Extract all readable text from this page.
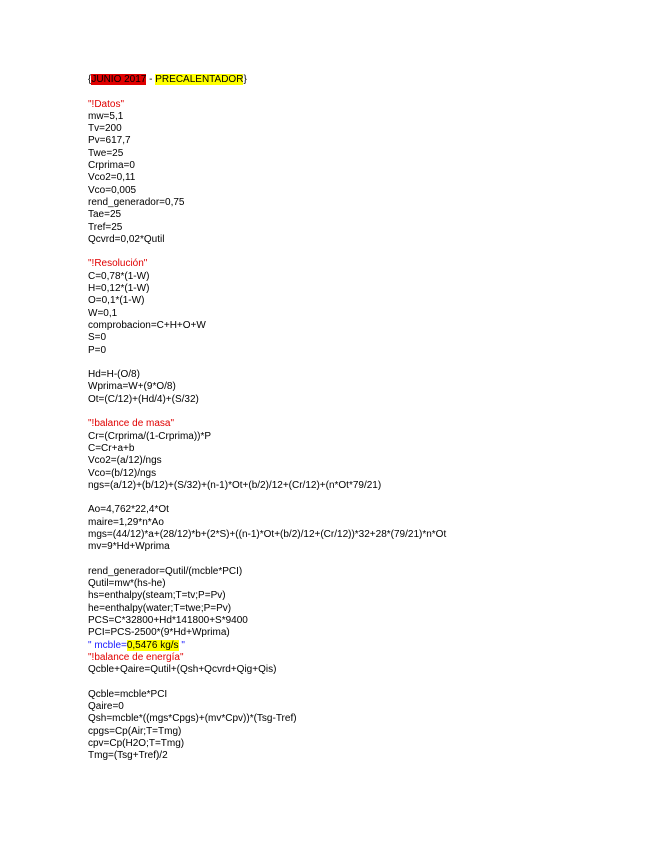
{JUNIO 2017 - PRECALENTADOR}
"!Datos"
mw=5,1
Tv=200
Pv=617,7
Twe=25
Crprima=0
Vco2=0,11
Vco=0,005
rend_generador=0,75
Tae=25
Tref=25
Qcvrd=0,02*Qutil
"!Resolución"
C=0,78*(1-W)
H=0,12*(1-W)
O=0,1*(1-W)
W=0,1
comprobacion=C+H+O+W
S=0
P=0
Hd=H-(O/8)
Wprima=W+(9*O/8)
Ot=(C/12)+(Hd/4)+(S/32)
"!balance de masa"
Cr=(Crprima/(1-Crprima))*P
C=Cr+a+b
Vco2=(a/12)/ngs
Vco=(b/12)/ngs
ngs=(a/12)+(b/12)+(S/32)+(n-1)*Ot+(b/2)/12+(Cr/12)+(n*Ot*79/21)
Ao=4,762*22,4*Ot
maire=1,29*n*Ao
mgs=(44/12)*a+(28/12)*b+(2*S)+((n-1)*Ot+(b/2)/12+(Cr/12))*32+28*(79/21)*n*Ot
mv=9*Hd+Wprima
rend_generador=Qutil/(mcble*PCI)
Qutil=mw*(hs-he)
hs=enthalpy(steam;T=tv;P=Pv)
he=enthalpy(water;T=twe;P=Pv)
PCS=C*32800+Hd*141800+S*9400
PCI=PCS-2500*(9*Hd+Wprima)
" mcble=0,5476 kg/s "
"!balance de energía"
Qcble+Qaire=Qutil+(Qsh+Qcvrd+Qig+Qis)
Qcble=mcble*PCI
Qaire=0
Qsh=mcble*((mgs*Cpgs)+(mv*Cpv))*(Tsg-Tref)
cpgs=Cp(Air;T=Tmg)
cpv=Cp(H2O;T=Tmg)
Tmg=(Tsg+Tref)/2
